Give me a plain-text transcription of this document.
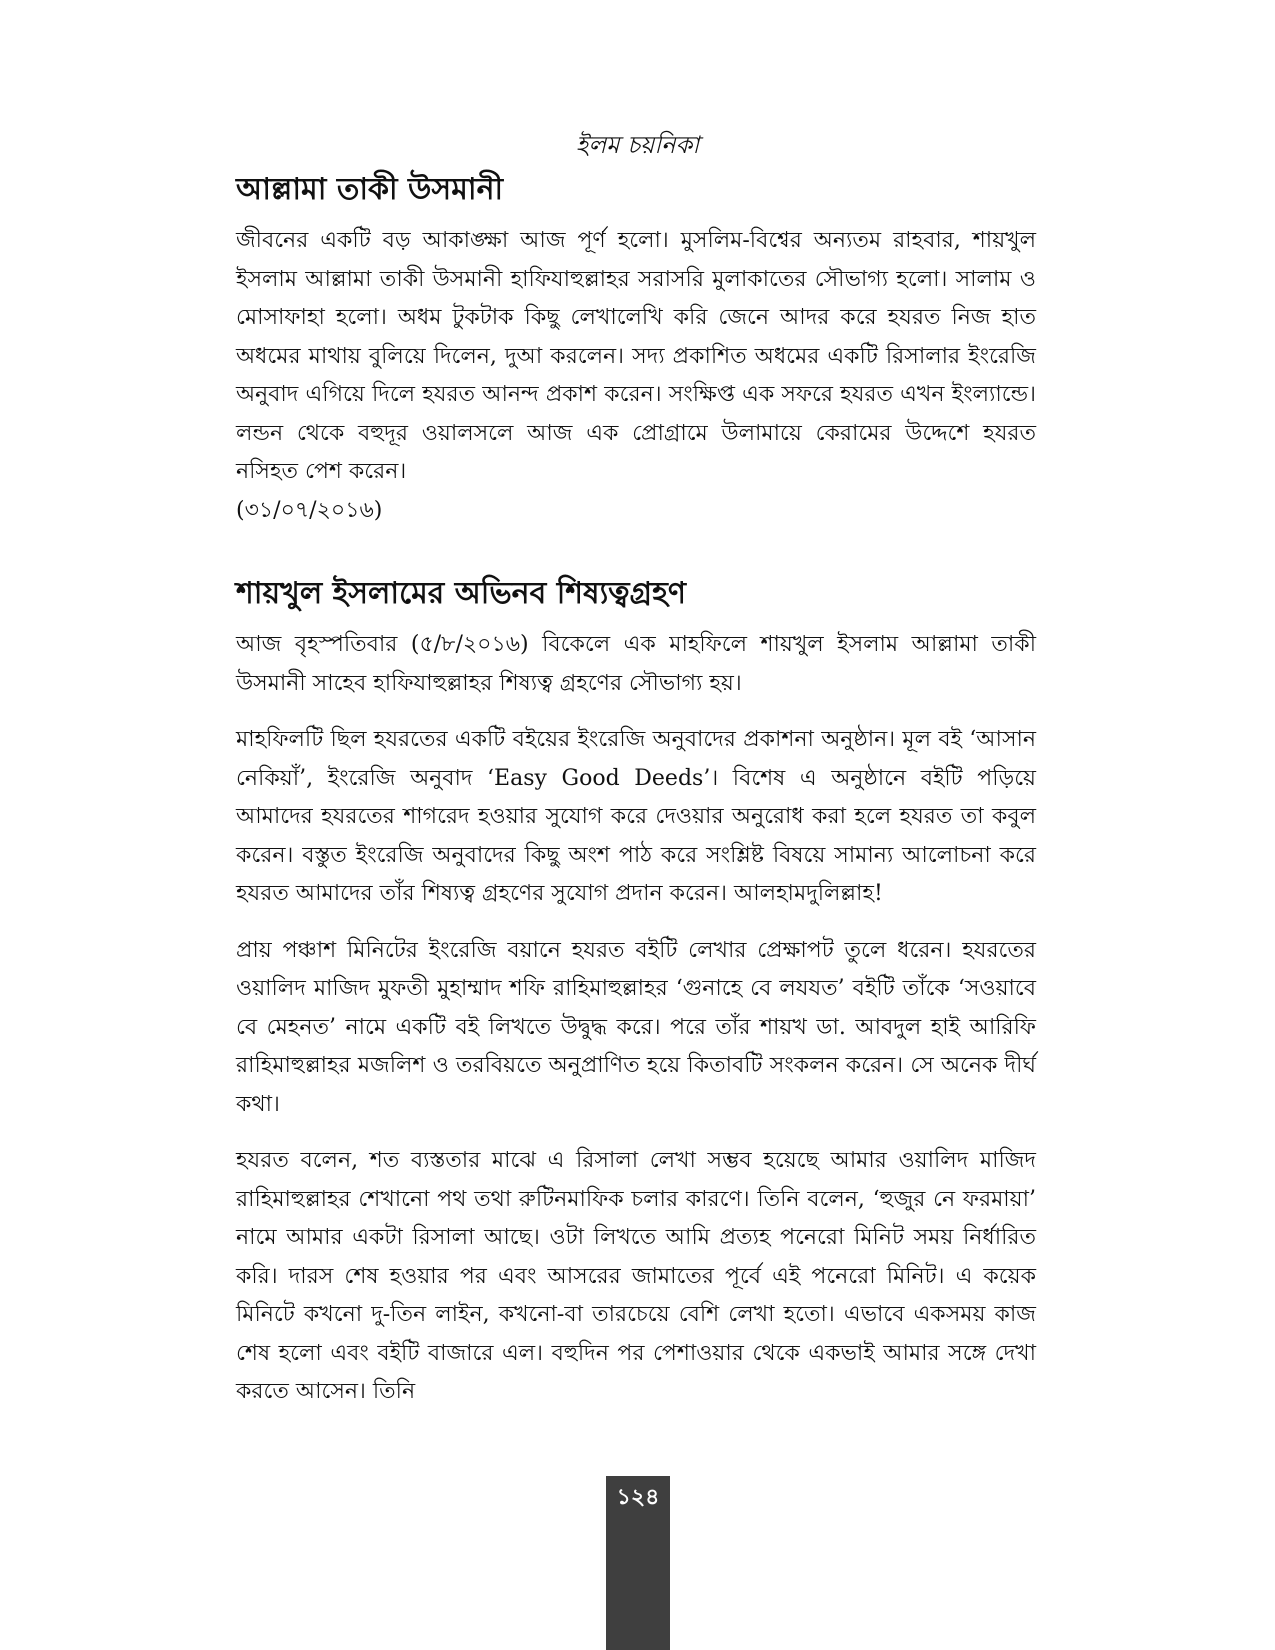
ইলম চয়নিকা
আল্লামা তাকী উসমানী

জীবনের একটি বড় আকাঙ্ক্ষা আজ পূর্ণ হলো। মুসলিম-বিশ্বের অন্যতম রাহবার, শায়খুল ইসলাম আল্লামা তাকী উসমানী হাফিযাহুল্লাহর সরাসরি মুলাকাতের সৌভাগ্য হলো। সালাম ও মোসাফাহা হলো। অধম টুকটাক কিছু লেখালেখি করি জেনে আদর করে হযরত নিজ হাত অধমের মাথায় বুলিয়ে দিলেন, দুআ করলেন। সদ্য প্রকাশিত অধমের একটি রিসালার ইংরেজি অনুবাদ এগিয়ে দিলে হযরত আনন্দ প্রকাশ করেন। সংক্ষিপ্ত এক সফরে হযরত এখন ইংল্যান্ডে। লন্ডন থেকে বহুদূর ওয়ালসলে আজ এক প্রোগ্রামে উলামায়ে কেরামের উদ্দেশে হযরত নসিহত পেশ করেন।

(৩১/০৭/২০১৬)
শায়খুল ইসলামের অভিনব শিষ্যত্বগ্রহণ

আজ বৃহস্পতিবার (৫/৮/২০১৬) বিকেলে এক মাহফিলে শায়খুল ইসলাম আল্লামা তাকী উসমানী সাহেব হাফিযাহুল্লাহর শিষ্যত্ব গ্রহণের সৌভাগ্য হয়।

মাহফিলটি ছিল হযরতের একটি বইয়ের ইংরেজি অনুবাদের প্রকাশনা অনুষ্ঠান। মূল বই ‘আসান নেকিয়াঁ’, ইংরেজি অনুবাদ ‘Easy Good Deeds’। বিশেষ এ অনুষ্ঠানে বইটি পড়িয়ে আমাদের হযরতের শাগরেদ হওয়ার সুযোগ করে দেওয়ার অনুরোধ করা হলে হযরত তা কবুল করেন। বস্তুত ইংরেজি অনুবাদের কিছু অংশ পাঠ করে সংশ্লিষ্ট বিষয়ে সামান্য আলোচনা করে হযরত আমাদের তাঁর শিষ্যত্ব গ্রহণের সুযোগ প্রদান করেন। আলহামদুলিল্লাহ!

প্রায় পঞ্চাশ মিনিটের ইংরেজি বয়ানে হযরত বইটি লেখার প্রেক্ষাপট তুলে ধরেন। হযরতের ওয়ালিদ মাজিদ মুফতী মুহাম্মাদ শফি রাহিমাহুল্লাহর ‘গুনাহে বে লযযত’ বইটি তাঁকে ‘সওয়াবে বে মেহনত’ নামে একটি বই লিখতে উদ্বুদ্ধ করে। পরে তাঁর শায়খ ডা. আবদুল হাই আরিফি রাহিমাহুল্লাহর মজলিশ ও তরবিয়তে অনুপ্রাণিত হয়ে কিতাবটি সংকলন করেন। সে অনেক দীর্ঘ কথা।

হযরত বলেন, শত ব্যস্ততার মাঝে এ রিসালা লেখা সম্ভব হয়েছে আমার ওয়ালিদ মাজিদ রাহিমাহুল্লাহর শেখানো পথ তথা রুটিনমাফিক চলার কারণে। তিনি বলেন, ‘হুজুর নে ফরমায়া’ নামে আমার একটা রিসালা আছে। ওটা লিখতে আমি প্রত্যহ পনেরো মিনিট সময় নির্ধারিত করি। দারস শেষ হওয়ার পর এবং আসরের জামাতের পূর্বে এই পনেরো মিনিট। এ কয়েক মিনিটে কখনো দু-তিন লাইন, কখনো-বা তারচেয়ে বেশি লেখা হতো। এভাবে একসময় কাজ শেষ হলো এবং বইটি বাজারে এল। বহুদিন পর পেশাওয়ার থেকে একভাই আমার সঙ্গে দেখা করতে আসেন। তিনি

১২৪
